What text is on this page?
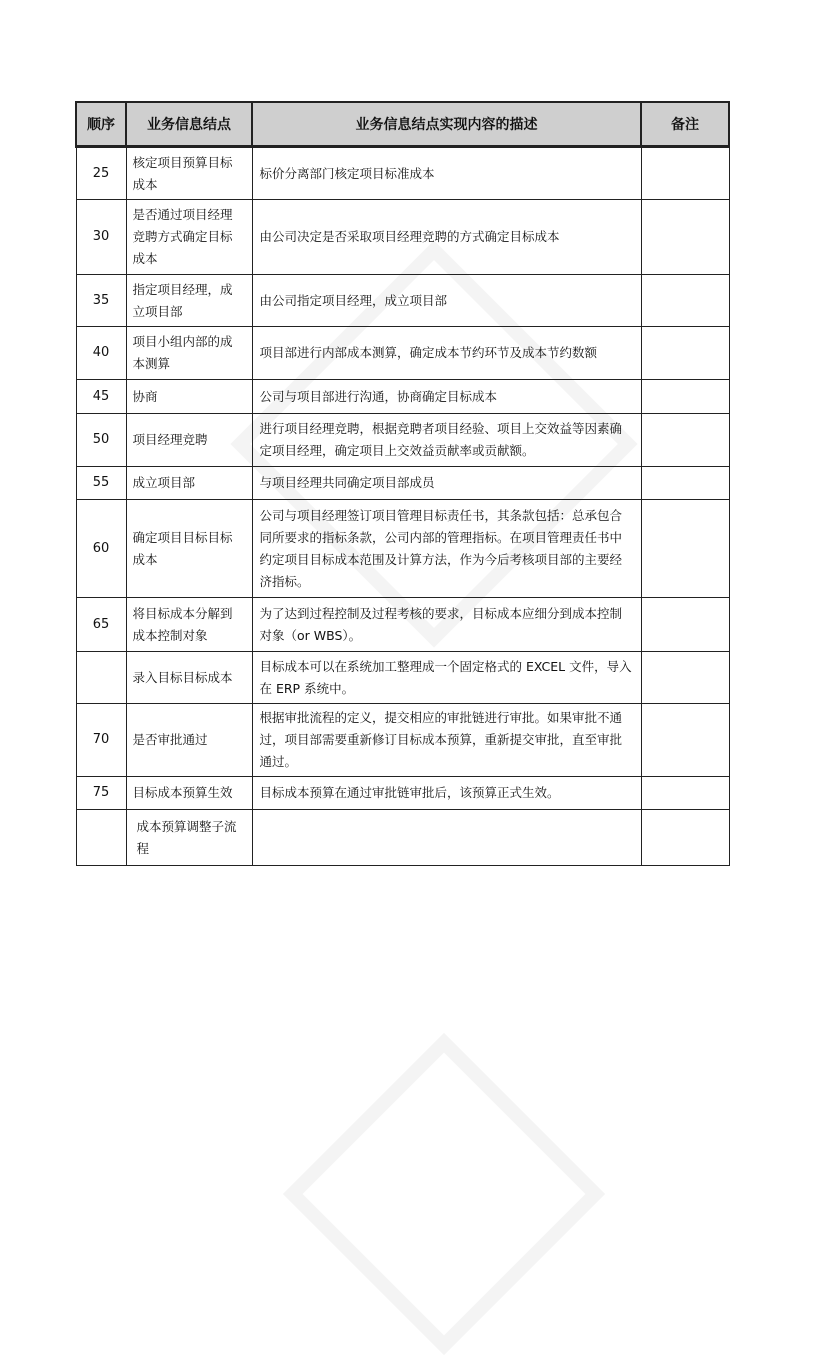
顺序	业务信息结点	业务信息结点实现内容的描述	备注
25	核定项目预算目标成本	标价分离部门核定项目标准成本	
30	是否通过项目经理竞聘方式确定目标成本	由公司决定是否采取项目经理竞聘的方式确定目标成本	
35	指定项目经理，成立项目部	由公司指定项目经理，成立项目部	
40	项目小组内部的成本测算	项目部进行内部成本测算，确定成本节约环节及成本节约数额	
45	协商	公司与项目部进行沟通，协商确定目标成本	
50	项目经理竞聘	进行项目经理竞聘，根据竞聘者项目经验、项目上交效益等因素确定项目经理，确定项目上交效益贡献率或贡献额。	
55	成立项目部	与项目经理共同确定项目部成员	
60	确定项目目标目标成本	公司与项目经理签订项目管理目标责任书，其条款包括：总承包合同所要求的指标条款，公司内部的管理指标。在项目管理责任书中约定项目目标成本范围及计算方法，作为今后考核项目部的主要经济指标。	
65	将目标成本分解到成本控制对象	为了达到过程控制及过程考核的要求，目标成本应细分到成本控制对象（or WBS）。	
	录入目标目标成本	目标成本可以在系统加工整理成一个固定格式的 EXCEL 文件，导入在 ERP 系统中。	
70	是否审批通过	根据审批流程的定义，提交相应的审批链进行审批。如果审批不通过，项目部需要重新修订目标成本预算，重新提交审批，直至审批通过。	
75	目标成本预算生效	目标成本预算在通过审批链审批后，该预算正式生效。	
	成本预算调整子流程		
